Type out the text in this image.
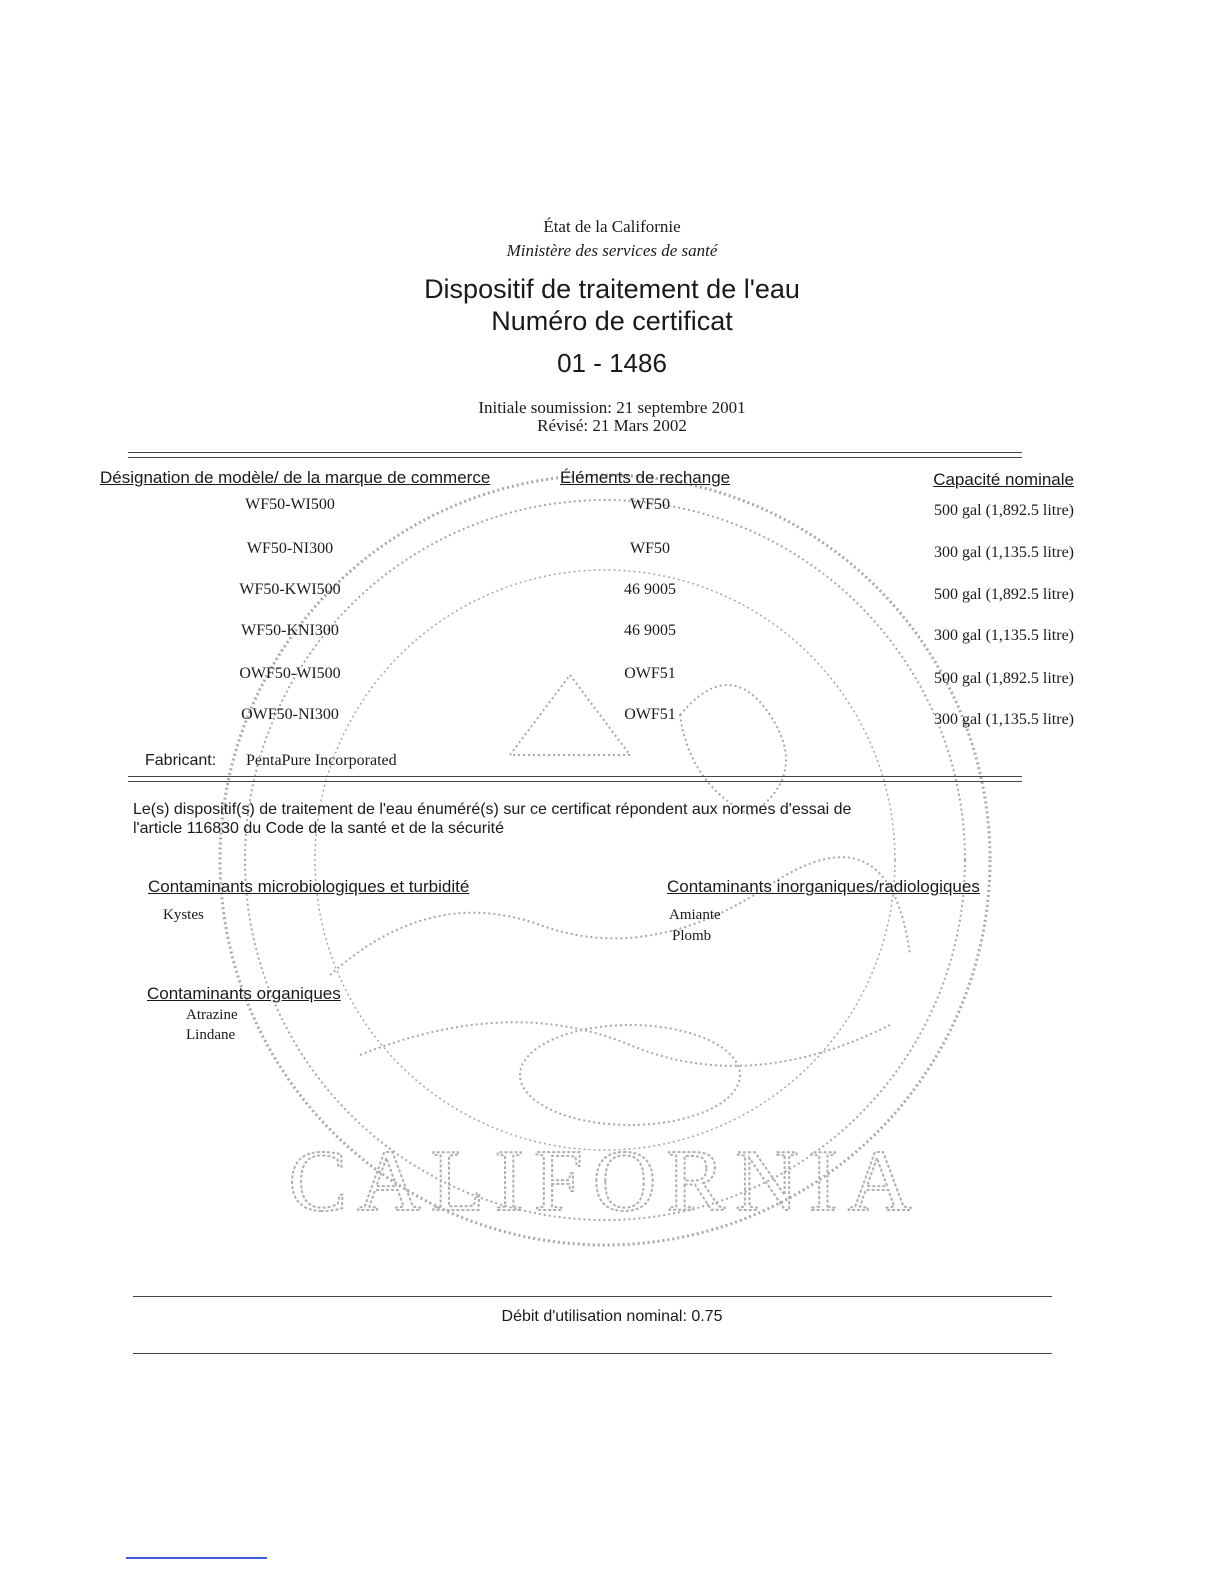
CALIFORNIA
État de la Californie
Ministère des services de santé
Dispositif de traitement de l'eau
Numéro de certificat
01 - 1486
Initiale soumission: 21 septembre 2001
Révisé: 21 Mars 2002
Désignation de modèle/ de la marque de commerce	Éléments de rechange	Capacité nominale
WF50-WI500	WF50	500 gal (1,892.5 litre)
WF50-NI300	WF50	300 gal (1,135.5 litre)
WF50-KWI500	46 9005	500 gal (1,892.5 litre)
WF50-KNI300	46 9005	300 gal (1,135.5 litre)
OWF50-WI500	OWF51	500 gal (1,892.5 litre)
OWF50-NI300	OWF51	300 gal (1,135.5 litre)
Fabricant: PentaPure Incorporated
Le(s) dispositif(s) de traitement de l'eau énuméré(s) sur ce certificat répondent aux normes d'essai de
l'article 116830 du Code de la santé et de la sécurité
Contaminants microbiologiques et turbidité
Kystes
Contaminants inorganiques/radiologiques
Amiante
Plomb
Contaminants organiques
Atrazine
Lindane
Débit d'utilisation nominal: 0.75
